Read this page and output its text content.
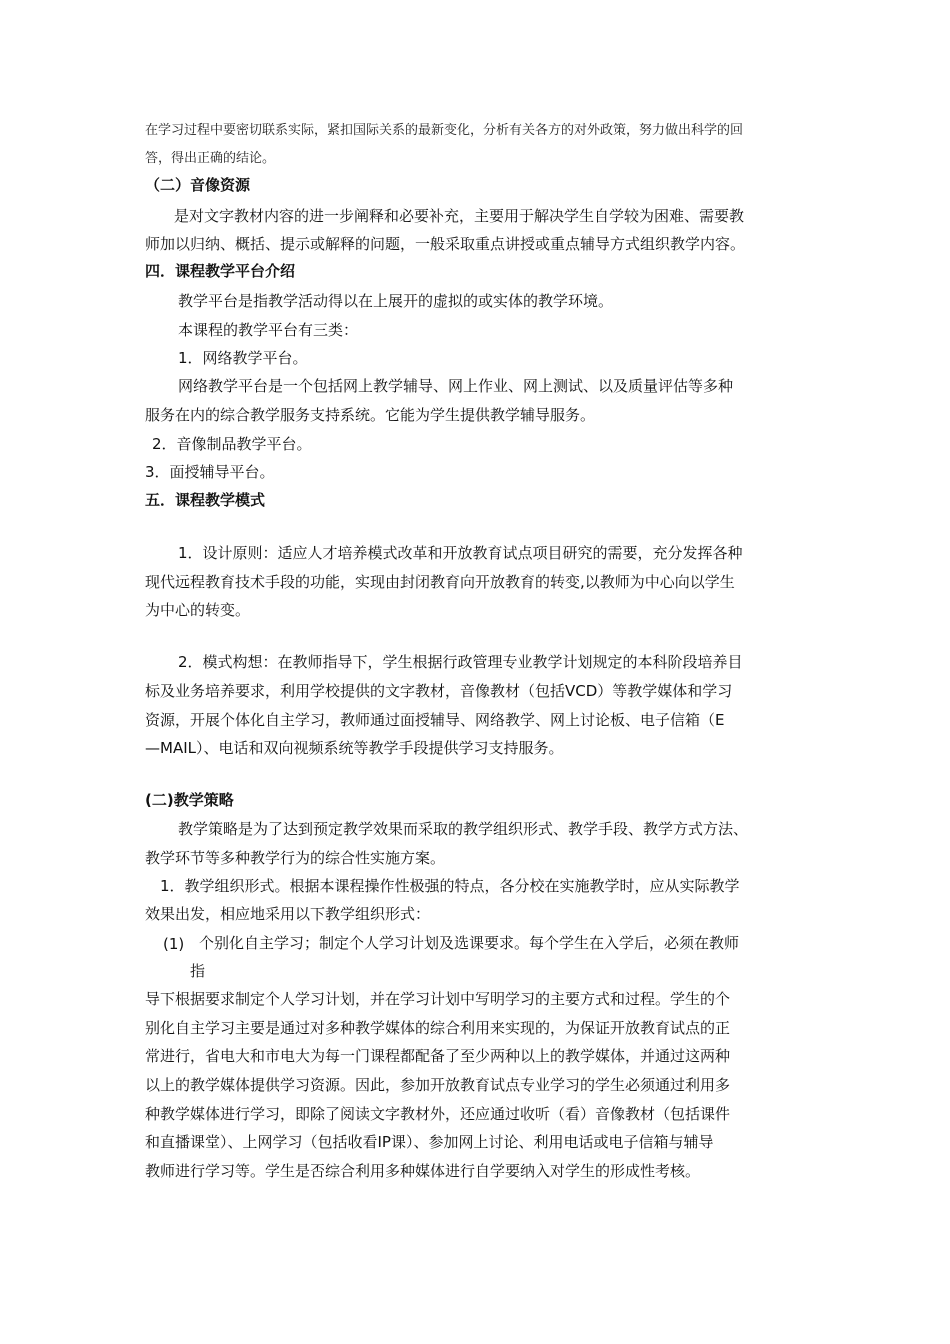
在学习过程中要密切联系实际，紧扣国际关系的最新变化，分析有关各方的对外政策，努力做出科学的回
答，得出正确的结论。
（二）音像资源
是对文字教材内容的进一步阐释和必要补充，主要用于解决学生自学较为困难、需要教
师加以归纳、概括、提示或解释的问题，一般采取重点讲授或重点辅导方式组织教学内容。
四．课程教学平台介绍
教学平台是指教学活动得以在上展开的虚拟的或实体的教学环境。
本课程的教学平台有三类：
1．网络教学平台。
网络教学平台是一个包括网上教学辅导、网上作业、网上测试、以及质量评估等多种
服务在内的综合教学服务支持系统。它能为学生提供教学辅导服务。
2．音像制品教学平台。
3．面授辅导平台。
五．课程教学模式
1．设计原则：适应人才培养模式改革和开放教育试点项目研究的需要，充分发挥各种
现代远程教育技术手段的功能，实现由封闭教育向开放教育的转变,以教师为中心向以学生
为中心的转变。
2．模式构想：在教师指导下，学生根据行政管理专业教学计划规定的本科阶段培养目
标及业务培养要求，利用学校提供的文字教材，音像教材（包括VCD）等教学媒体和学习
资源，开展个体化自主学习，教师通过面授辅导、网络教学、网上讨论板、电子信箱（E
—MAIL）、电话和双向视频系统等教学手段提供学习支持服务。
(二)教学策略
教学策略是为了达到预定教学效果而采取的教学组织形式、教学手段、教学方式方法、
教学环节等多种教学行为的综合性实施方案。
1．教学组织形式。根据本课程操作性极强的特点，各分校在实施教学时，应从实际教学
效果出发，相应地采用以下教学组织形式：
(1) 个别化自主学习；制定个人学习计划及选课要求。每个学生在入学后，必须在教师
指
导下根据要求制定个人学习计划，并在学习计划中写明学习的主要方式和过程。学生的个
别化自主学习主要是通过对多种教学媒体的综合利用来实现的，为保证开放教育试点的正
常进行，省电大和市电大为每一门课程都配备了至少两种以上的教学媒体，并通过这两种
以上的教学媒体提供学习资源。因此，参加开放教育试点专业学习的学生必须通过利用多
种教学媒体进行学习，即除了阅读文字教材外，还应通过收听（看）音像教材（包括课件
和直播课堂）、上网学习（包括收看IP课）、参加网上讨论、利用电话或电子信箱与辅导
教师进行学习等。学生是否综合利用多种媒体进行自学要纳入对学生的形成性考核。
